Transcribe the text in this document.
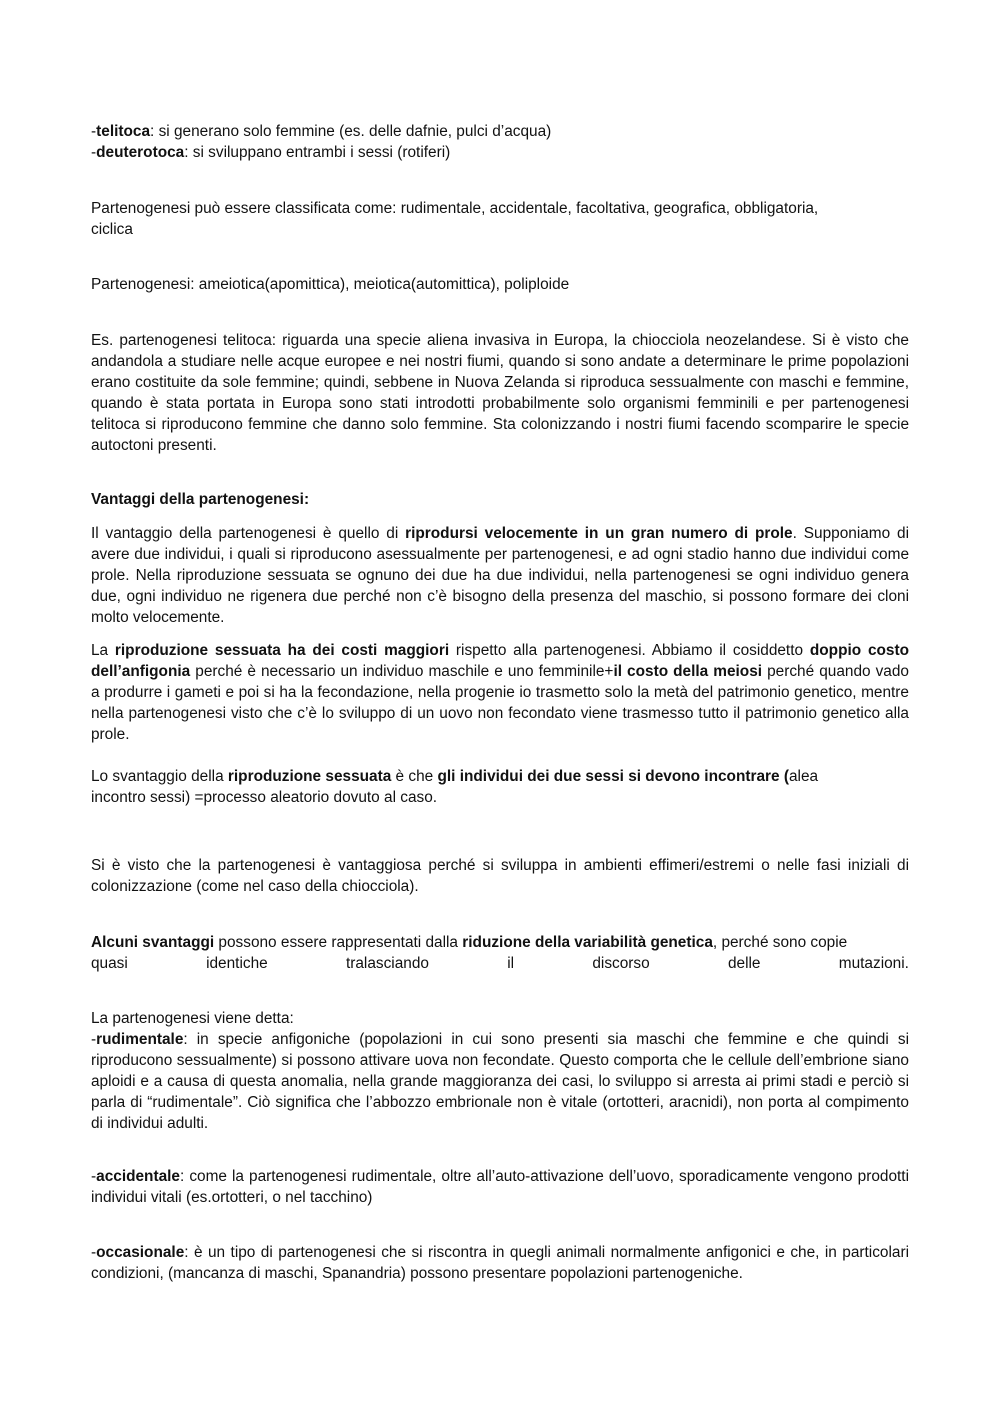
-telitoca: si generano solo femmine (es. delle dafnie, pulci d’acqua)

-deuterotoca: si sviluppano entrambi i sessi (rotiferi)

Partenogenesi può essere classificata come: rudimentale, accidentale, facoltativa, geografica, obbligatoria,

ciclica

Partenogenesi: ameiotica(apomittica), meiotica(automittica), poliploide

Es. partenogenesi telitoca: riguarda una specie aliena invasiva in Europa, la chiocciola neozelandese. Si è visto che andandola a studiare nelle acque europee e nei nostri fiumi, quando si sono andate a determinare le prime popolazioni erano costituite da sole femmine; quindi, sebbene in Nuova Zelanda si riproduca sessualmente con maschi e femmine, quando è stata portata in Europa sono stati introdotti probabilmente solo organismi femminili e per partenogenesi telitoca si riproducono femmine che danno solo femmine. Sta colonizzando i nostri fiumi facendo scomparire le specie autoctoni presenti.

Vantaggi della partenogenesi:

Il vantaggio della partenogenesi è quello di riprodursi velocemente in un gran numero di prole. Supponiamo di avere due individui, i quali si riproducono asessualmente per partenogenesi, e ad ogni stadio hanno due individui come prole. Nella riproduzione sessuata se ognuno dei due ha due individui, nella partenogenesi se ogni individuo genera due, ogni individuo ne rigenera due perché non c’è bisogno della presenza del maschio, si possono formare dei cloni molto velocemente.

La riproduzione sessuata ha dei costi maggiori rispetto alla partenogenesi. Abbiamo il cosiddetto doppio costo dell’anfigonia perché è necessario un individuo maschile e uno femminile+il costo della meiosi perché quando vado a produrre i gameti e poi si ha la fecondazione, nella progenie io trasmetto solo la metà del patrimonio genetico, mentre nella partenogenesi visto che c’è lo sviluppo di un uovo non fecondato viene trasmesso tutto il patrimonio genetico alla prole.

Lo svantaggio della riproduzione sessuata è che gli individui dei due sessi si devono incontrare (alea

incontro sessi) =processo aleatorio dovuto al caso.

Si è visto che la partenogenesi è vantaggiosa perché si sviluppa in ambienti effimeri/estremi o nelle fasi iniziali di colonizzazione (come nel caso della chiocciola).

Alcuni svantaggi possono essere rappresentati dalla riduzione della variabilità genetica, perché sono copie

quasi	identiche	tralasciando	il	discorso	delle	mutazioni.

La partenogenesi viene detta:

-rudimentale: in specie anfigoniche (popolazioni in cui sono presenti sia maschi che femmine e che quindi si riproducono sessualmente) si possono attivare uova non fecondate. Questo comporta che le cellule dell’embrione siano aploidi e a causa di questa anomalia, nella grande maggioranza dei casi, lo sviluppo si arresta ai primi stadi e perciò si parla di “rudimentale”. Ciò significa che l’abbozzo embrionale non è vitale (ortotteri, aracnidi), non porta al compimento di individui adulti.

-accidentale: come la partenogenesi rudimentale, oltre all’auto-attivazione dell’uovo, sporadicamente vengono prodotti individui vitali (es.ortotteri, o nel tacchino)

-occasionale: è un tipo di partenogenesi che si riscontra in quegli animali normalmente anfigonici e che, in particolari condizioni, (mancanza di maschi, Spanandria) possono presentare popolazioni partenogeniche.
